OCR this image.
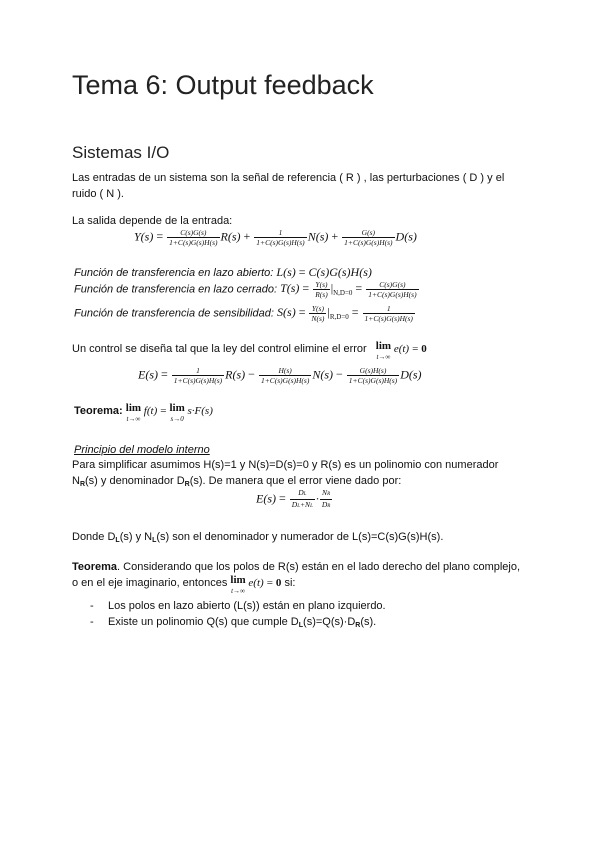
Tema 6: Output feedback
Sistemas I/O
Las entradas de un sistema son la señal de referencia ( R ) , las perturbaciones ( D ) y el
ruido ( N ).
La salida depende de la entrada:
$Y(s) = \frac{C(s)G(s)}{1+C(s)G(s)H(s)} R(s) + \frac{1}{1+C(s)G(s)H(s)} N(s) + \frac{G(s)}{1+C(s)G(s)H(s)} D(s)$
Función de transferencia en lazo abierto: L(s) = C(s)G(s)H(s)
Función de transferencia en lazo cerrado: $T(s) = \frac{Y(s)}{R(s)} |_{N,D=0} = \frac{C(s)G(s)}{1+C(s)G(s)H(s)}$
Función de transferencia de sensibilidad: $S(s) = \frac{Y(s)}{N(s)} |_{R,D=0} = \frac{1}{1+C(s)G(s)H(s)}$
Un control se diseña tal que la ley del control elimine el error lim
t→∞
e(t) = 0
$E(s) = \frac{1}{1+C(s)G(s)H(s)} R(s) - \frac{H(s)}{1+C(s)G(s)H(s)} N(s) - \frac{G(s)H(s)}{1+C(s)G(s)H(s)} D(s)$
Teorema: lim
t→∞
f(t) = lim
s→0
s·F(s)
Principio del modelo interno
Para simplificar asumimos H(s)=1 y N(s)=D(s)=0 y R(s) es un polinomio con numerador
NR(s) y denominador DR(s). De manera que el error viene dado por:
$E(s) = \frac{DL}{DL+NL} \cdot \frac{NR}{DR}$
Donde DL(s) y NL(s) son el denominador y numerador de L(s)=C(s)G(s)H(s).
Teorema. Considerando que los polos de R(s) están en el lado derecho del plano complejo,
o en el eje imaginario, entonces lim
t→∞
e(t) = 0 si:
- Los polos en lazo abierto (L(s)) están en plano izquierdo.
- Existe un polinomio Q(s) que cumple DL(s)=Q(s)·DR(s).
